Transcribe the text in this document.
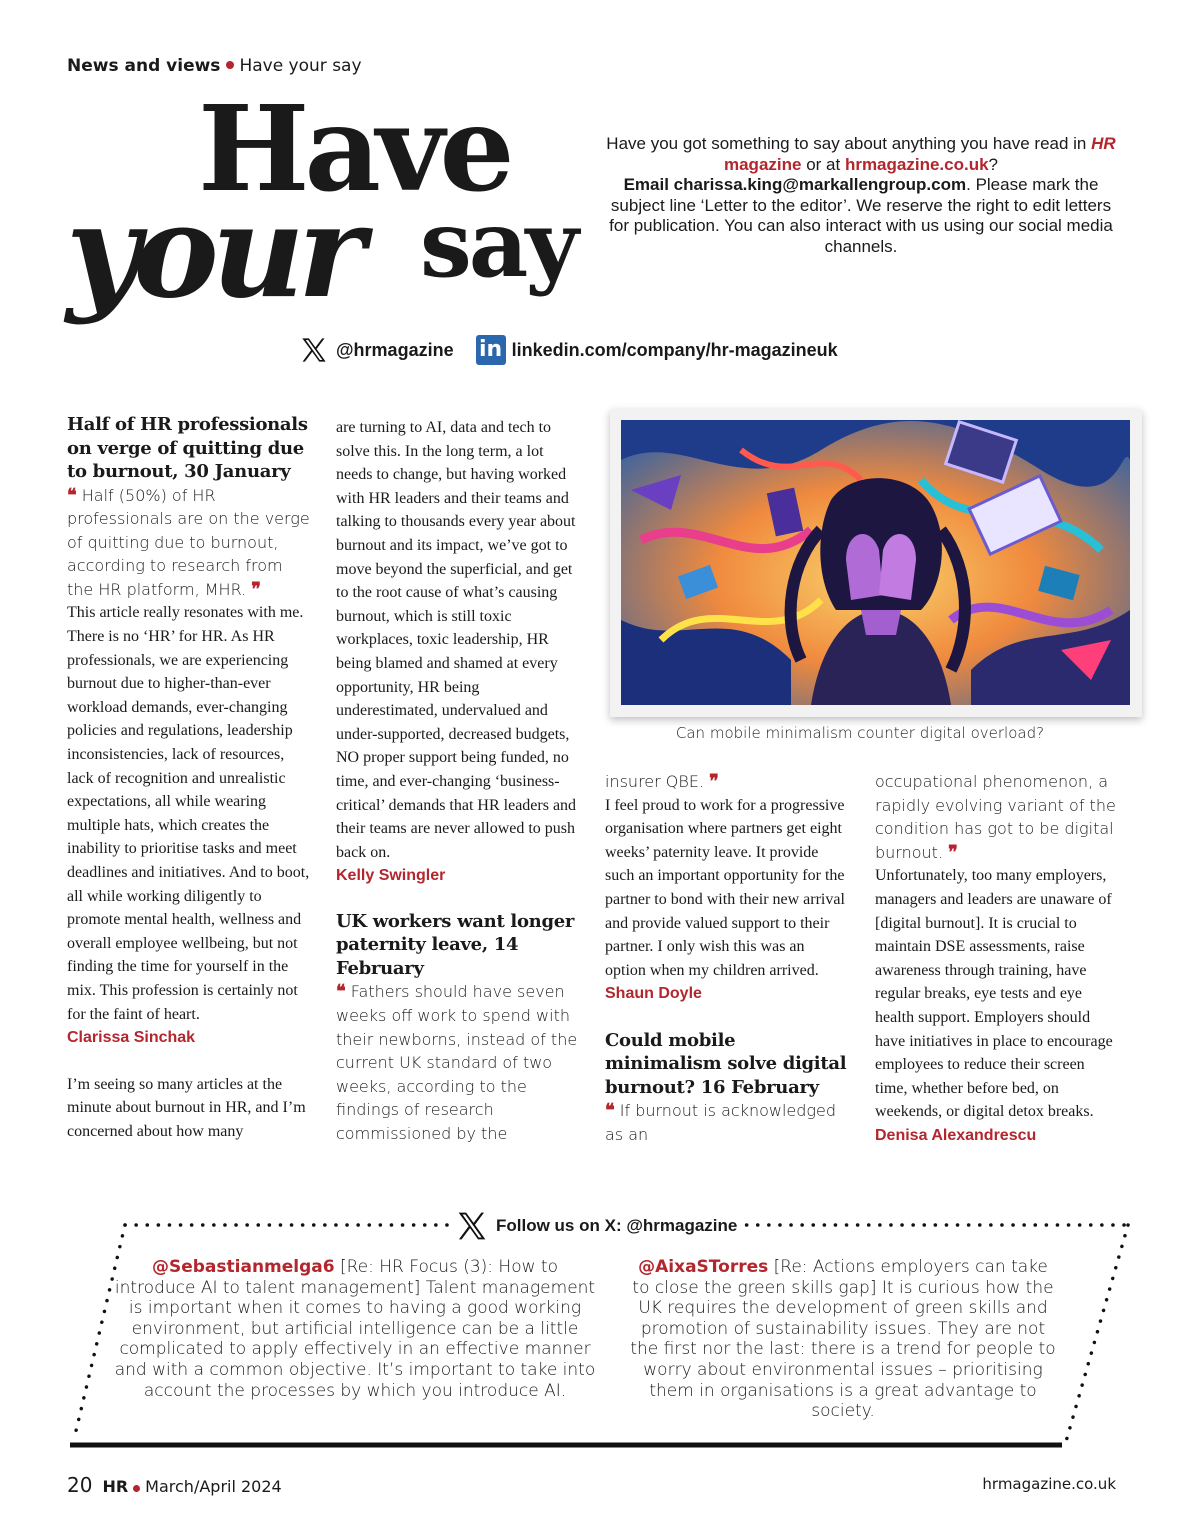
News and views Have your say
Have
your say
Have you got something to say about anything you have read in HR magazine or at hrmagazine.co.uk?
Email charissa.king@markallengroup.com. Please mark the subject line ‘Letter to the editor’. We reserve the right to edit letters for publication. You can also interact with us using our social media channels.
@hrmagazine in linkedin.com/company/hr-magazineuk
Half of HR professionals on verge of quitting due to burnout, 30 January
❝ Half (50%) of HR professionals are on the verge of quitting due to burnout, according to research from the HR platform, MHR. ❞

This article really resonates with me. There is no ‘HR’ for HR. As HR professionals, we are experiencing burnout due to higher-than-ever workload demands, ever-changing policies and regulations, leadership inconsistencies, lack of resources, lack of recognition and unrealistic expectations, all while wearing multiple hats, which creates the inability to prioritise tasks and meet deadlines and initiatives. And to boot, all while working diligently to promote mental health, wellness and overall employee wellbeing, but not finding the time for yourself in the mix. This profession is certainly not for the faint of heart.

Clarissa Sinchak

I’m seeing so many articles at the minute about burnout in HR, and I’m concerned about how many

are turning to AI, data and tech to solve this. In the long term, a lot needs to change, but having worked with HR leaders and their teams and talking to thousands every year about burnout and its impact, we’ve got to move beyond the superficial, and get to the root cause of what’s causing burnout, which is still toxic workplaces, toxic leadership, HR being blamed and shamed at every opportunity, HR being underestimated, undervalued and under-supported, decreased budgets, NO proper support being funded, no time, and ever-changing ‘business-critical’ demands that HR leaders and their teams are never allowed to push back on.

Kelly Swingler
UK workers want longer paternity leave, 14 February
❝ Fathers should have seven weeks off work to spend with their newborns, instead of the current UK standard of two weeks, according to the findings of research commissioned by the
Can mobile minimalism counter digital overload?
insurer QBE. ❞

I feel proud to work for a progressive organisation where partners get eight weeks’ paternity leave. It provide such an important opportunity for the partner to bond with their new arrival and provide valued support to their partner. I only wish this was an option when my children arrived.

Shaun Doyle
Could mobile minimalism solve digital burnout? 16 February
❝ If burnout is acknowledged as an
occupational phenomenon, a rapidly evolving variant of the condition has got to be digital burnout. ❞

Unfortunately, too many employers, managers and leaders are unaware of [digital burnout]. It is crucial to maintain DSE assessments, raise awareness through training, have regular breaks, eye tests and eye health support. Employers should have initiatives in place to encourage employees to reduce their screen time, whether before bed, on weekends, or digital detox breaks.

Denisa Alexandrescu
Follow us on X: @hrmagazine
@Sebastianmelga6 [Re: HR Focus (3): How to introduce AI to talent management] Talent management is important when it comes to having a good working environment, but artificial intelligence can be a little complicated to apply effectively in an effective manner and with a common objective. It’s important to take into account the processes by which you introduce AI.
@AixaSTorres [Re: Actions employers can take to close the green skills gap] It is curious how the UK requires the development of green skills and promotion of sustainability issues. They are not the first nor the last: there is a trend for people to worry about environmental issues – prioritising them in organisations is a great advantage to society.
20 HR March/April 2024	hrmagazine.co.uk
